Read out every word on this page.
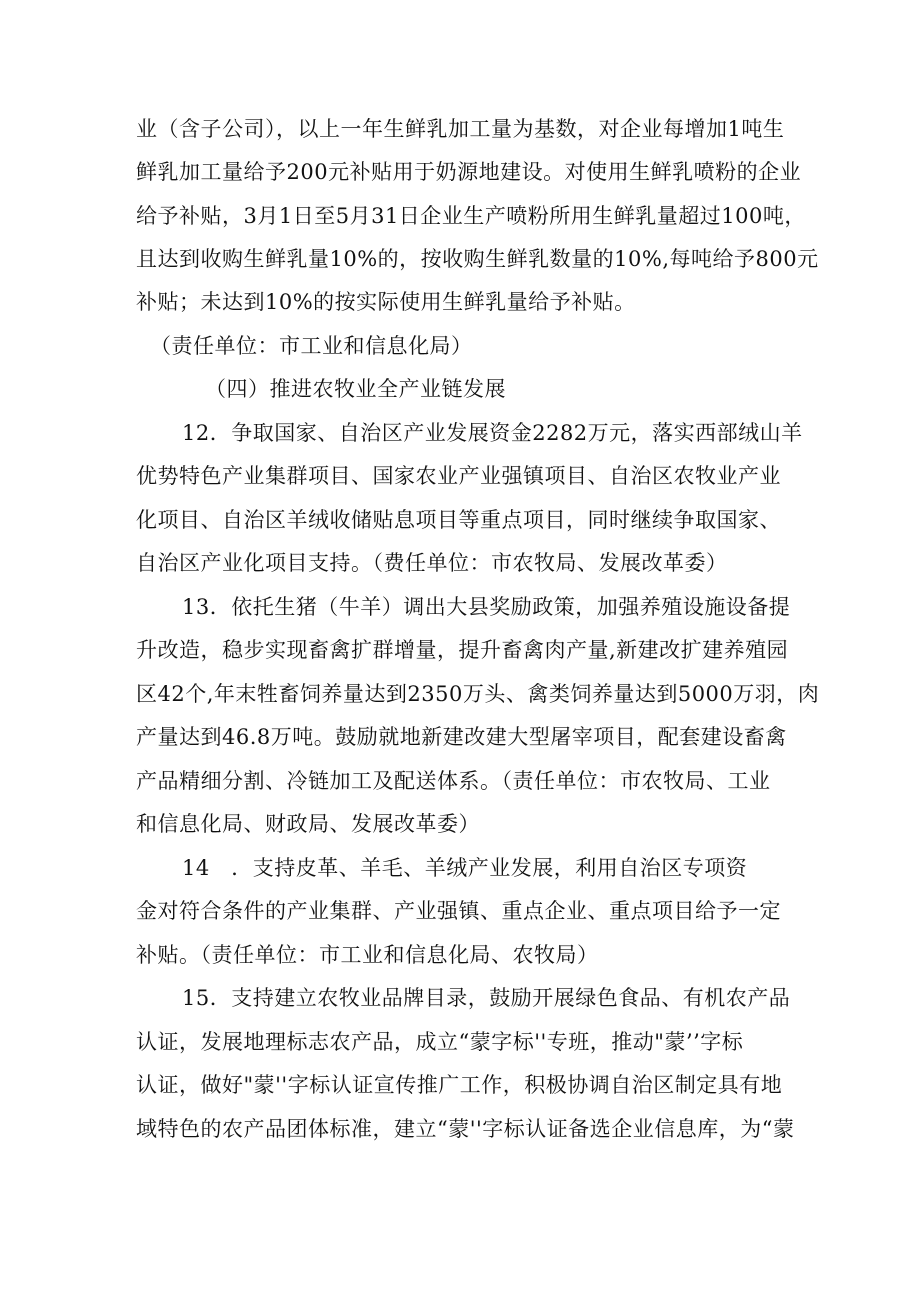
业（含子公司），以上一年生鲜乳加工量为基数，对企业每增加1吨生
鲜乳加工量给予200元补贴用于奶源地建设。对使用生鲜乳喷粉的企业
给予补贴，3月1日至5月31日企业生产喷粉所用生鲜乳量超过100吨，
且达到收购生鲜乳量10%的，按收购生鲜乳数量的10%,每吨给予800元
补贴；未达到10%的按实际使用生鲜乳量给予补贴。
（责任单位：市工业和信息化局）
（四）推进农牧业全产业链发展
12．争取国家、自治区产业发展资金2282万元，落实西部绒山羊
优势特色产业集群项目、国家农业产业强镇项目、自治区农牧业产业
化项目、自治区羊绒收储贴息项目等重点项目，同时继续争取国家、
自治区产业化项目支持。（费任单位：市农牧局、发展改革委）
13．依托生猪（牛羊）调出大县奖励政策，加强养殖设施设备提
升改造，稳步实现畜禽扩群增量，提升畜禽肉产量,新建改扩建养殖园
区42个,年末牲畜饲养量达到2350万头、禽类饲养量达到5000万羽，肉
产量达到46.8万吨。鼓励就地新建改建大型屠宰项目，配套建设畜禽
产品精细分割、冷链加工及配送体系。（责任单位：市农牧局、工业
和信息化局、财政局、发展改革委）
14　．支持皮革、羊毛、羊绒产业发展，利用自治区专项资
金对符合条件的产业集群、产业强镇、重点企业、重点项目给予一定
补贴。（责任单位：市工业和信息化局、农牧局）
15．支持建立农牧业品牌目录，鼓励开展绿色食品、有机农产品
认证，发展地理标志农产品，成立“蒙字标''专班，推动"蒙’’字标
认证，做好"蒙''字标认证宣传推广工作，积极协调自治区制定具有地
域特色的农产品团体标准，建立“蒙''字标认证备选企业信息库，为“蒙
